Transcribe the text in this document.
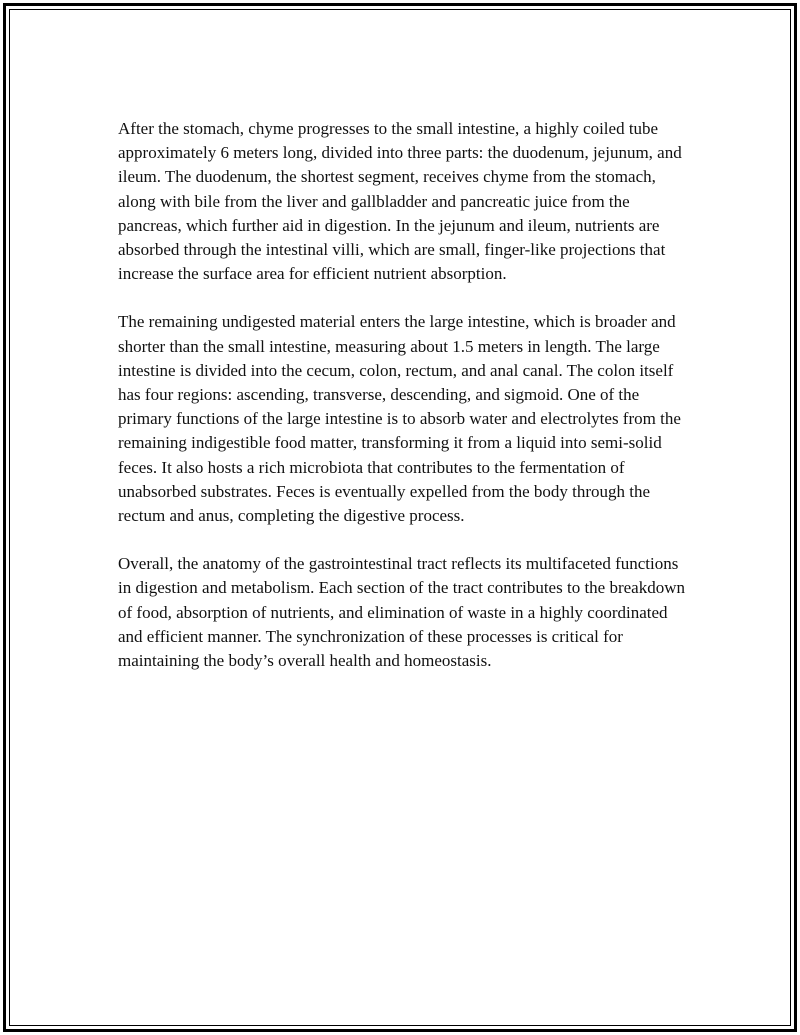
After the stomach, chyme progresses to the small intestine, a highly coiled tube approximately 6 meters long, divided into three parts: the duodenum, jejunum, and ileum. The duodenum, the shortest segment, receives chyme from the stomach, along with bile from the liver and gallbladder and pancreatic juice from the pancreas, which further aid in digestion. In the jejunum and ileum, nutrients are absorbed through the intestinal villi, which are small, finger-like projections that increase the surface area for efficient nutrient absorption.

The remaining undigested material enters the large intestine, which is broader and shorter than the small intestine, measuring about 1.5 meters in length. The large intestine is divided into the cecum, colon, rectum, and anal canal. The colon itself has four regions: ascending, transverse, descending, and sigmoid. One of the primary functions of the large intestine is to absorb water and electrolytes from the remaining indigestible food matter, transforming it from a liquid into semi-solid feces. It also hosts a rich microbiota that contributes to the fermentation of unabsorbed substrates. Feces is eventually expelled from the body through the rectum and anus, completing the digestive process.

Overall, the anatomy of the gastrointestinal tract reflects its multifaceted functions in digestion and metabolism. Each section of the tract contributes to the breakdown of food, absorption of nutrients, and elimination of waste in a highly coordinated and efficient manner. The synchronization of these processes is critical for maintaining the body’s overall health and homeostasis.
